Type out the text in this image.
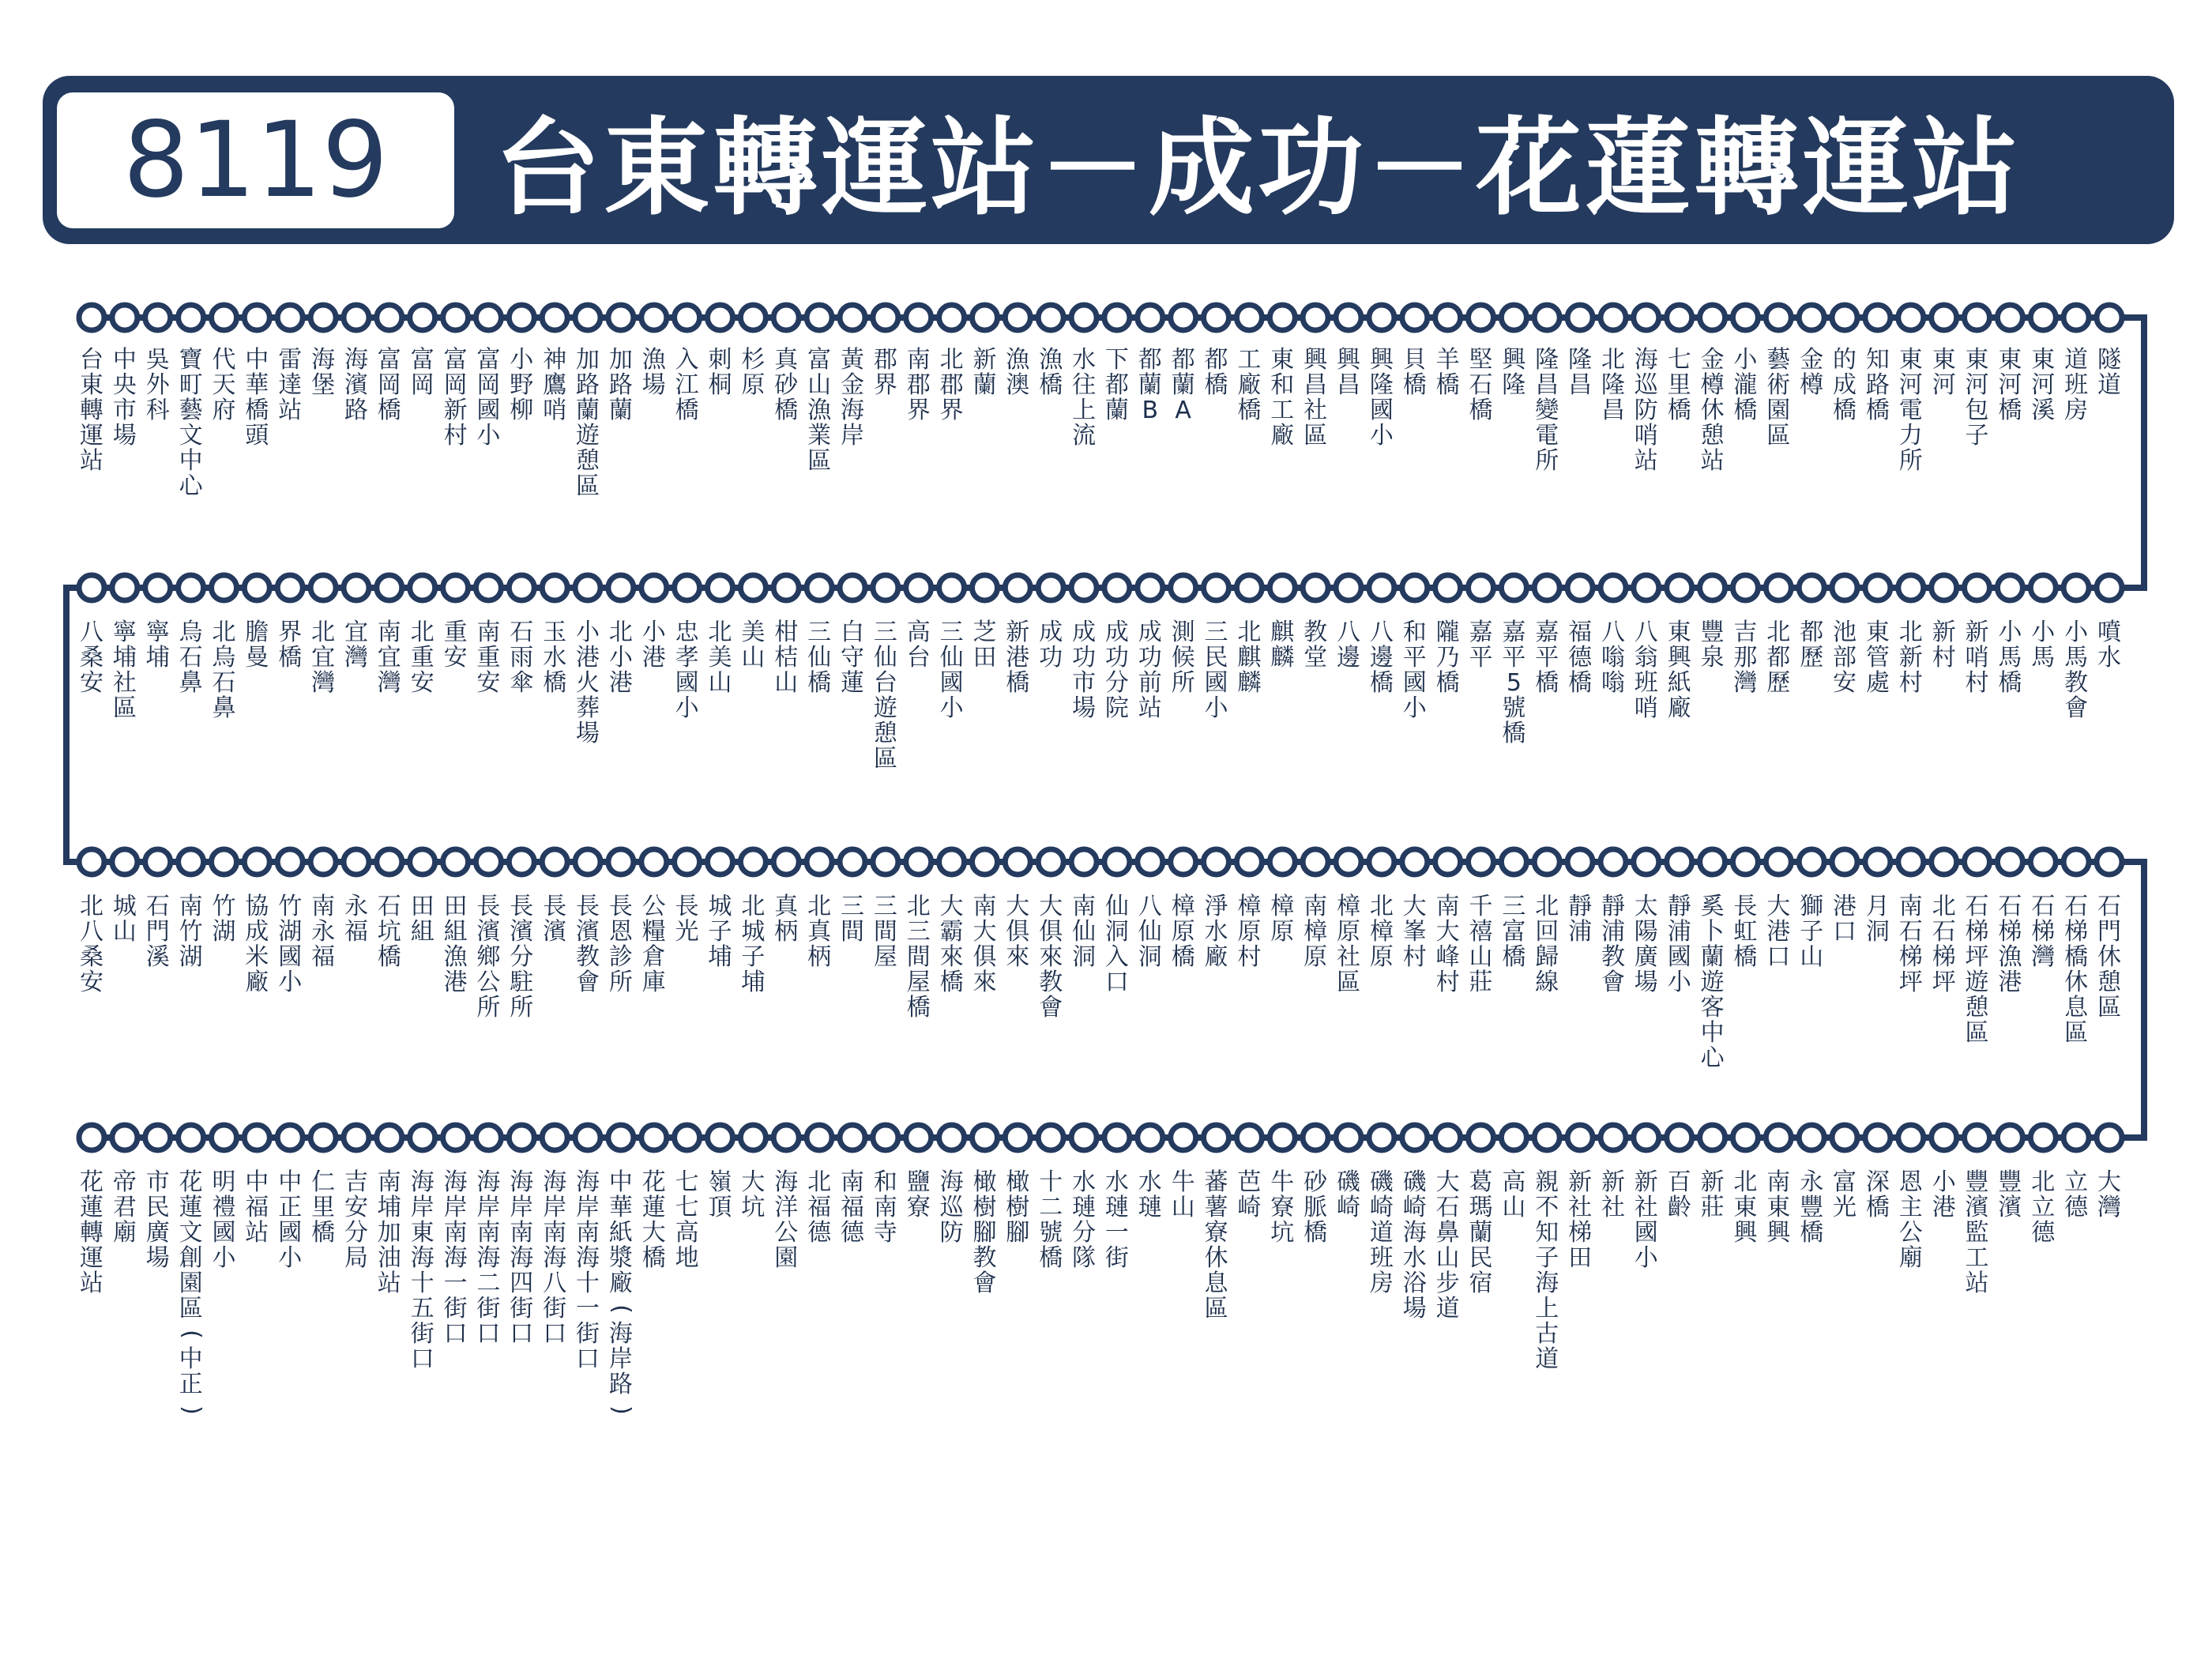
8119 台東轉運站－成功－花蓮轉運站
台
東
轉
運
站
中
央
市
場
吳
外
科
寶
町
藝
文
中
心
代
天
府
中
華
橋
頭
雷
達
站
海
堡
海
濱
路
富
岡
橋
富
岡
富
岡
新
村
富
岡
國
小
小
野
柳
神
鷹
哨
加
路
蘭
遊
憩
區
加
路
蘭
漁
場
入
江
橋
刺
桐
杉
原
真
砂
橋
富
山
漁
業
區
黃
金
海
岸
郡
界
南
郡
界
北
郡
界
新
蘭
漁
澳
漁
橋
水
往
上
流
下
都
蘭
都
蘭
B
都
蘭
A
都
橋
工
廠
橋
東
和
工
廠
興
昌
社
區
興
昌
興
隆
國
小
貝
橋
羊
橋
堅
石
橋
興
隆
隆
昌
變
電
所
隆
昌
北
隆
昌
海
巡
防
哨
站
七
里
橋
金
樽
休
憩
站
小
瀧
橋
藝
術
園
區
金
樽
的
成
橋
知
路
橋
東
河
電
力
所
東
河
東
河
包
子
東
河
橋
東
河
溪
道
班
房
隧
道
噴
水
小
馬
教
會
小
馬
小
馬
橋
新
哨
村
新
村
北
新
村
東
管
處
池
部
安
都
歷
北
都
歷
吉
那
灣
豐
泉
東
興
紙
廠
八
翁
班
哨
八
嗡
嗡
福
德
橋
嘉
平
橋
嘉
平
5
號
橋
嘉
平
隴
乃
橋
和
平
國
小
八
邊
橋
八
邊
教
堂
麒
麟
北
麒
麟
三
民
國
小
測
候
所
成
功
前
站
成
功
分
院
成
功
市
場
成
功
新
港
橋
芝
田
三
仙
國
小
高
台
三
仙
台
遊
憩
區
白
守
蓮
三
仙
橋
柑
桔
山
美
山
北
美
山
忠
孝
國
小
小
港
北
小
港
小
港
火
葬
場
玉
水
橋
石
雨
傘
南
重
安
重
安
北
重
安
南
宜
灣
宜
灣
北
宜
灣
界
橋
膽
曼
北
烏
石
鼻
烏
石
鼻
寧
埔
寧
埔
社
區
八
桑
安
北
八
桑
安
城
山
石
門
溪
南
竹
湖
竹
湖
協
成
米
廠
竹
湖
國
小
南
永
福
永
福
石
坑
橋
田
組
田
組
漁
港
長
濱
鄉
公
所
長
濱
分
駐
所
長
濱
長
濱
教
會
長
恩
診
所
公
糧
倉
庫
長
光
城
子
埔
北
城
子
埔
真
柄
北
真
柄
三
間
三
間
屋
北
三
間
屋
橋
大
霸
來
橋
南
大
俱
來
大
俱
來
大
俱
來
教
會
南
仙
洞
仙
洞
入
口
八
仙
洞
樟
原
橋
淨
水
廠
樟
原
村
樟
原
南
樟
原
樟
原
社
區
北
樟
原
大
峯
村
南
大
峰
村
千
禧
山
莊
三
富
橋
北
回
歸
線
靜
浦
靜
浦
教
會
太
陽
廣
場
靜
浦
國
小
奚
卜
蘭
遊
客
中
心
長
虹
橋
大
港
口
獅
子
山
港
口
月
洞
南
石
梯
坪
北
石
梯
坪
石
梯
坪
遊
憩
區
石
梯
漁
港
石
梯
灣
石
梯
橋
休
息
區
石
門
休
憩
區
大
灣
立
德
北
立
德
豐
濱
豐
濱
監
工
站
小
港
恩
主
公
廟
深
橋
富
光
永
豐
橋
南
東
興
北
東
興
新
莊
百
齡
新
社
國
小
新
社
新
社
梯
田
親
不
知
子
海
上
古
道
高
山
葛
瑪
蘭
民
宿
大
石
鼻
山
步
道
磯
崎
海
水
浴
場
磯
崎
道
班
房
磯
崎
砂
脈
橋
牛
寮
坑
芭
崎
蕃
薯
寮
休
息
區
牛
山
水
璉
水
璉
一
街
水
璉
分
隊
十
二
號
橋
橄
樹
腳
橄
樹
腳
教
會
海
巡
防
鹽
寮
和
南
寺
南
福
德
北
福
德
海
洋
公
園
大
坑
嶺
頂
七
七
高
地
花
蓮
大
橋
中
華
紙
漿
廠
(
海
岸
路
)
海
岸
南
海
十
一
街
口
海
岸
南
海
八
街
口
海
岸
南
海
四
街
口
海
岸
南
海
二
街
口
海
岸
南
海
一
街
口
海
岸
東
海
十
五
街
口
南
埔
加
油
站
吉
安
分
局
仁
里
橋
中
正
國
小
中
福
站
明
禮
國
小
花
蓮
文
創
園
區
(
中
正
)
市
民
廣
場
帝
君
廟
花
蓮
轉
運
站
